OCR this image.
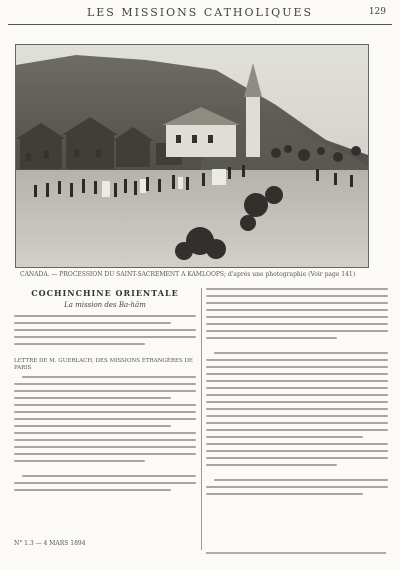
LES MISSIONS CATHOLIQUES	129
CANADA. — PROCESSION DU SAINT-SACREMENT A KAMLOOPS; d'après une photographie (Voir page 141)
COCHINCHINE ORIENTALE
La mission des Ba-hâm
LETTRE DE M. GUERLACH, DES MISSIONS ÉTRANGÈRES DE PARIS
N° 1.3 — 4 MARS 1894
